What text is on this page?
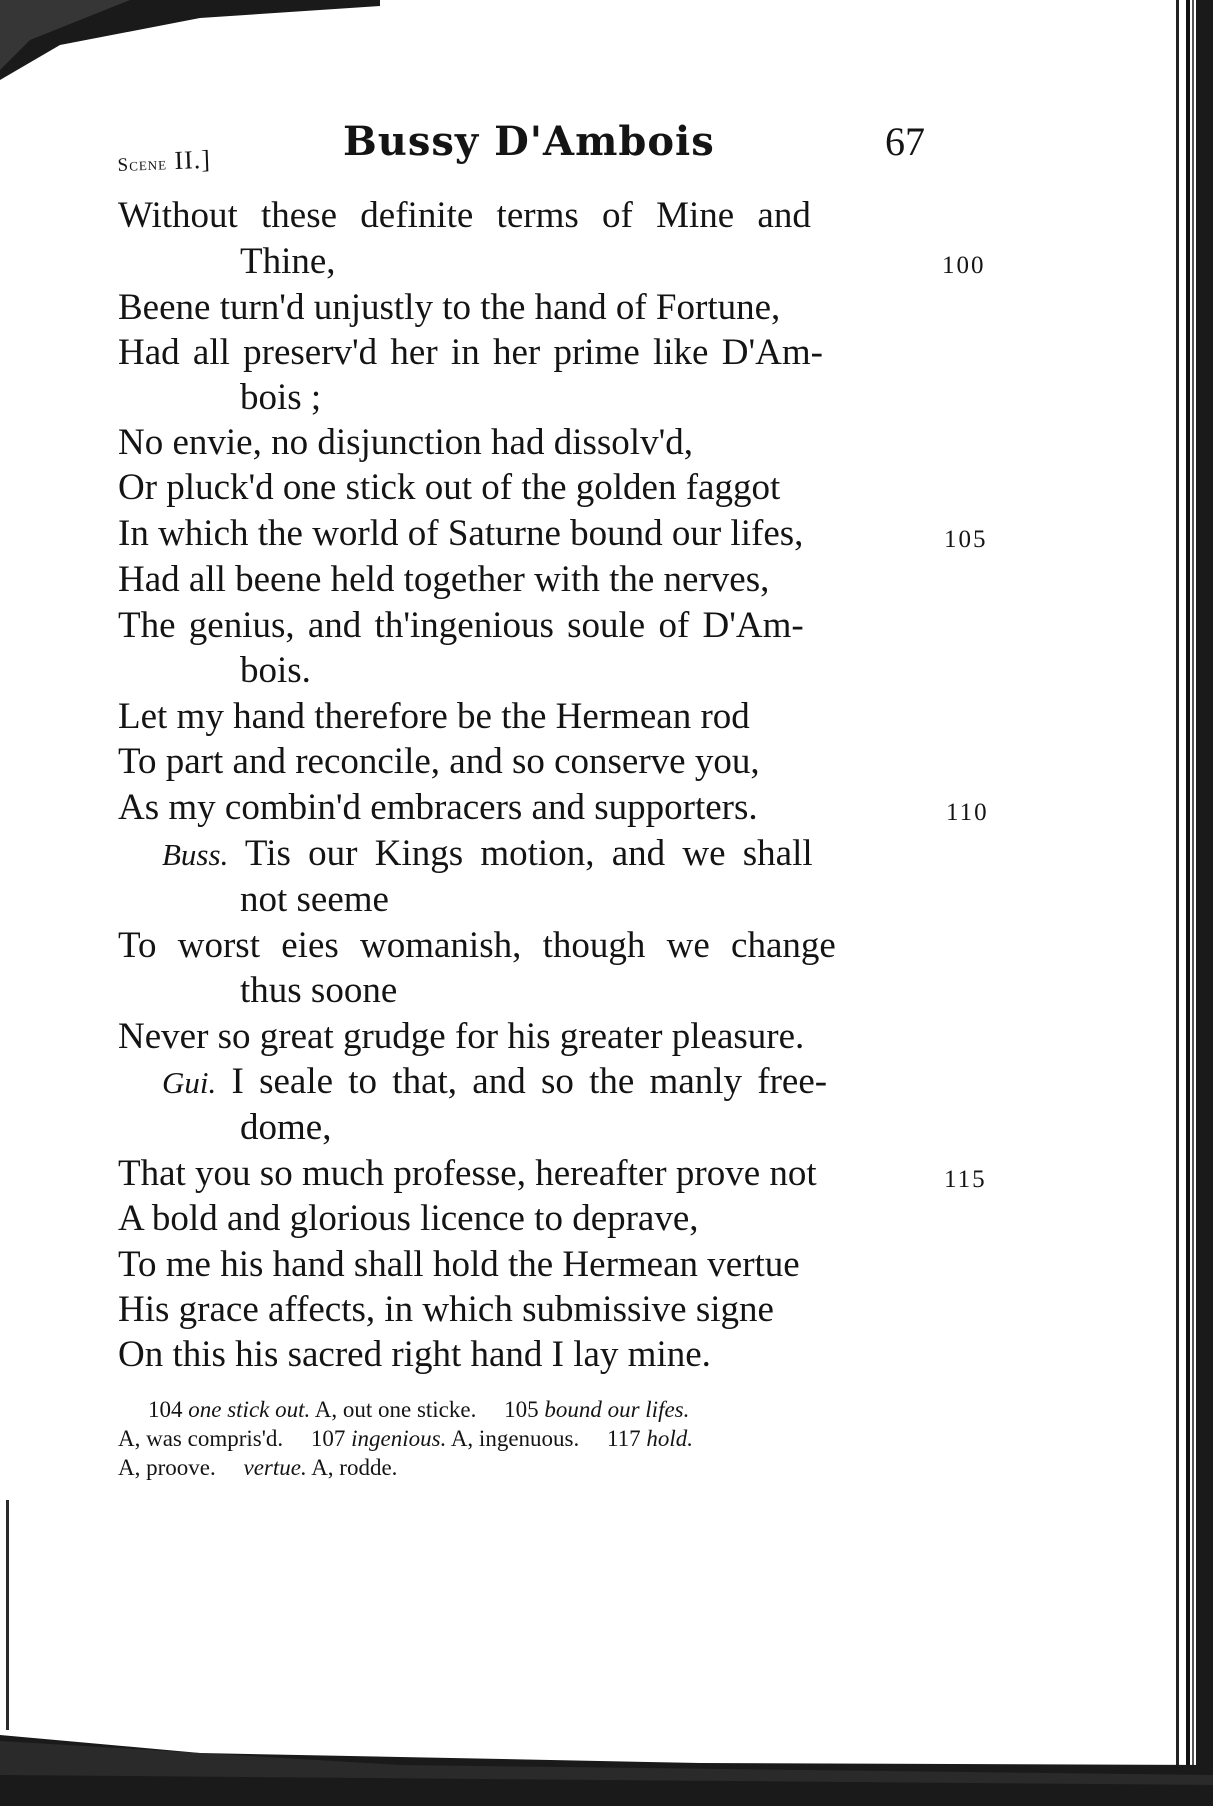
Scene II.]	Bussy D'Ambois	67
Without these definite terms of Mine and
Thine,	100
Beene turn'd unjustly to the hand of Fortune,
Had all preserv'd her in her prime like D'Am-
bois ;
No envie, no disjunction had dissolv'd,
Or pluck'd one stick out of the golden faggot
In which the world of Saturne bound our lifes,	105
Had all beene held together with the nerves,
The genius, and th'ingenious soule of D'Am-
bois.
Let my hand therefore be the Hermean rod
To part and reconcile, and so conserve you,
As my combin'd embracers and supporters.	110
Buss. Tis our Kings motion, and we shall
not seeme
To worst eies womanish, though we change
thus soone
Never so great grudge for his greater pleasure.
Gui. I seale to that, and so the manly free-
dome,
That you so much professe, hereafter prove not	115
A bold and glorious licence to deprave,
To me his hand shall hold the Hermean vertue
His grace affects, in which submissive signe
On this his sacred right hand I lay mine.
104 one stick out. A, out one sticke. 105 bound our lifes.
A, was compris'd. 107 ingenious. A, ingenuous. 117 hold.
A, proove. vertue. A, rodde.
